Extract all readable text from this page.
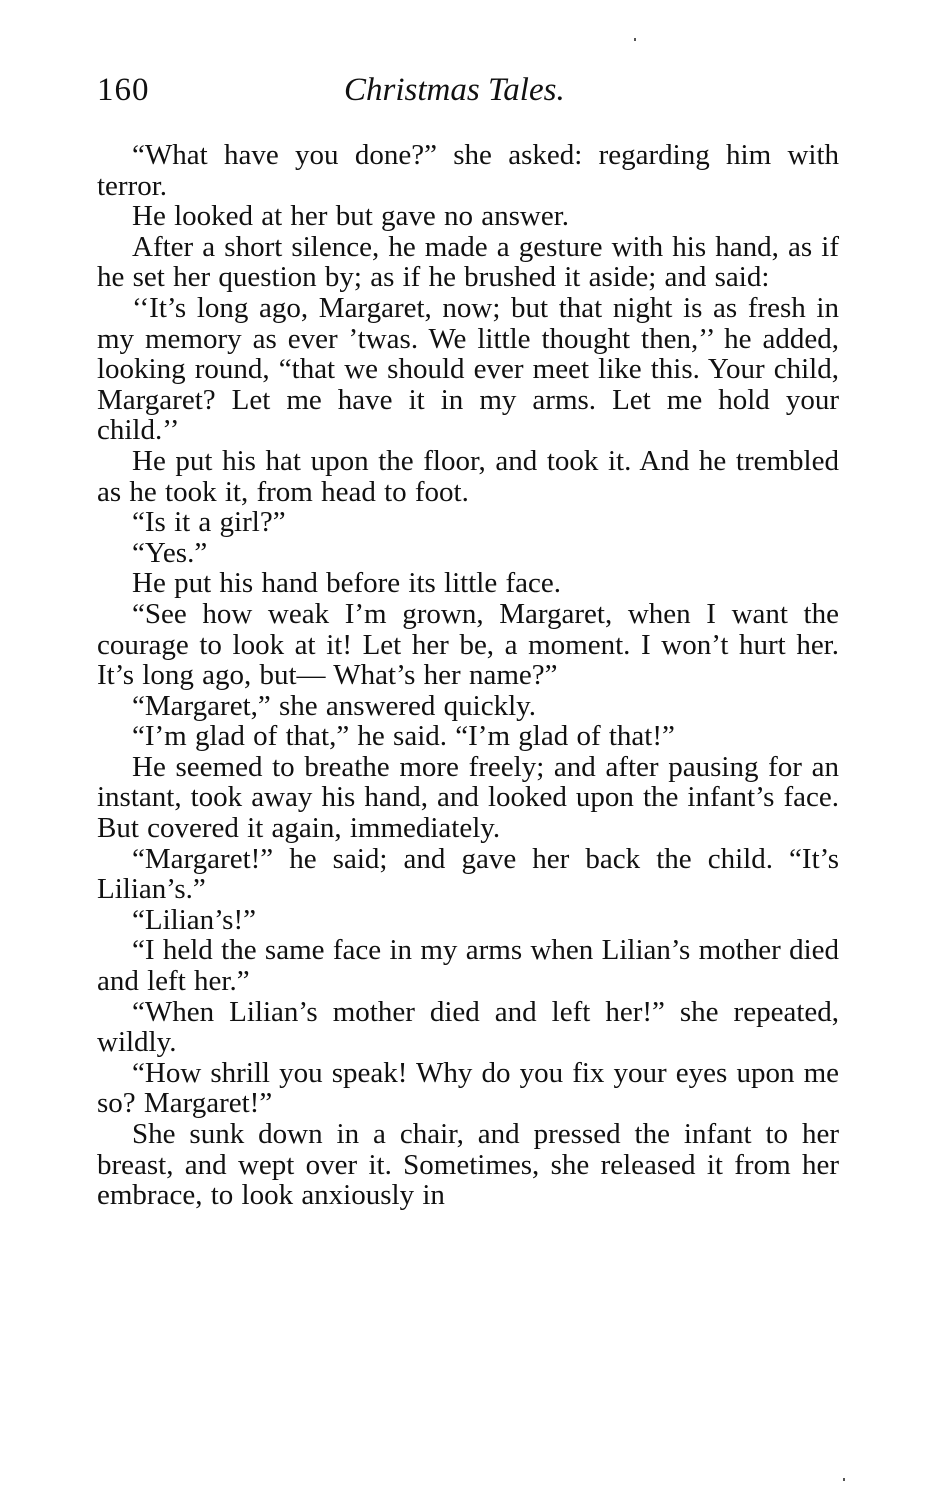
160	Christmas Tales.

“What have you done?” she asked: regarding him with terror.

He looked at her but gave no answer.

After a short silence, he made a gesture with his hand, as if he set her question by; as if he brushed it aside; and said:

‘‘It’s long ago, Margaret, now; but that night is as fresh in my memory as ever ’twas. We little thought then,’’ he added, looking round, “that we should ever meet like this. Your child, Margaret? Let me have it in my arms. Let me hold your child.’’

He put his hat upon the floor, and took it. And he trembled as he took it, from head to foot.

“Is it a girl?”

“Yes.”

He put his hand before its little face.

“See how weak I’m grown, Margaret, when I want the courage to look at it! Let her be, a moment. I won’t hurt her. It’s long ago, but— What’s her name?”

“Margaret,” she answered quickly.

“I’m glad of that,” he said. “I’m glad of that!”

He seemed to breathe more freely; and after pausing for an instant, took away his hand, and looked upon the infant’s face. But covered it again, immediately.

“Margaret!” he said; and gave her back the child. “It’s Lilian’s.”

“Lilian’s!”

“I held the same face in my arms when Lilian’s mother died and left her.”

“When Lilian’s mother died and left her!” she repeated, wildly.

“How shrill you speak! Why do you fix your eyes upon me so? Margaret!”

She sunk down in a chair, and pressed the infant to her breast, and wept over it. Sometimes, she released it from her embrace, to look anxiously in
